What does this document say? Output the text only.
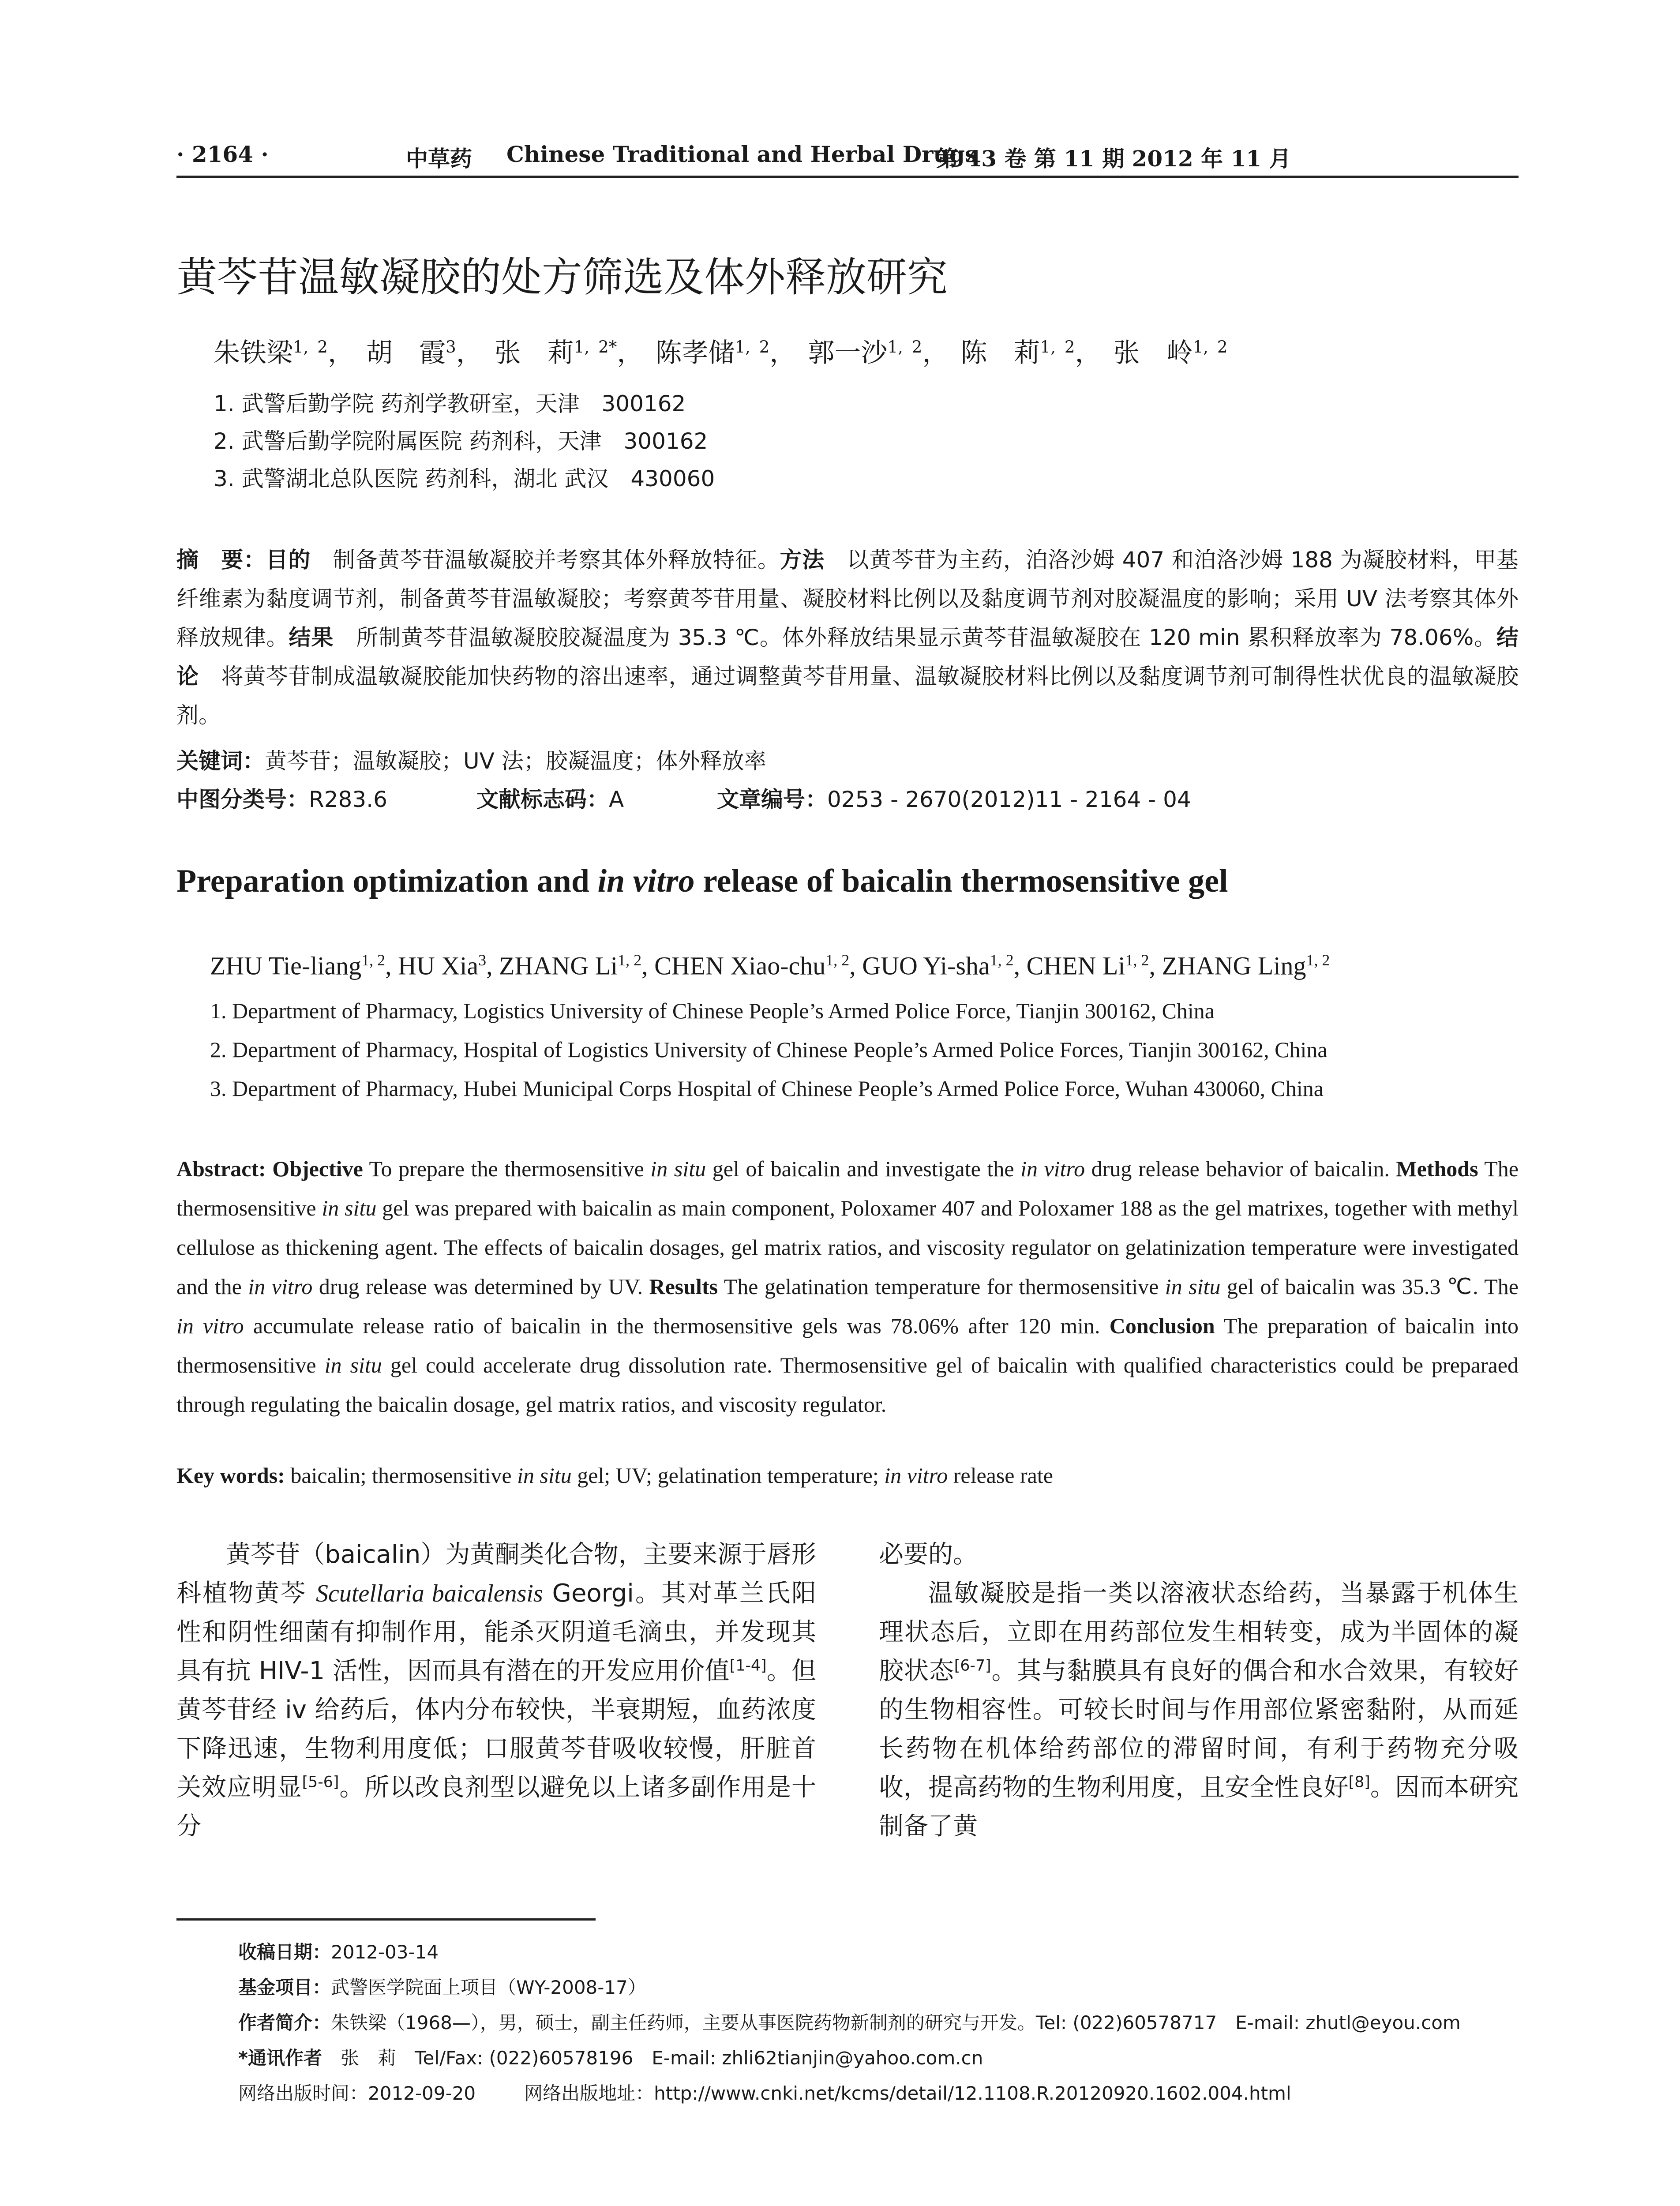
· 2164 ·	中草药 Chinese Traditional and Herbal Drugs
第 43 卷 第 11 期 2012 年 11 月
黄芩苷温敏凝胶的处方筛选及体外释放研究
朱铁梁$^{1, 2}$， 胡　霞$^3$， 张　莉$^{1, 2*}$， 陈孝储$^{1, 2}$， 郭一沙$^{1, 2}$， 陈　莉$^{1, 2}$， 张　岭$^{1, 2}$
1. 武警后勤学院 药剂学教研室，天津　300162
2. 武警后勤学院附属医院 药剂科，天津　300162
3. 武警湖北总队医院 药剂科，湖北 武汉　430060
摘　要：目的　制备黄芩苷温敏凝胶并考察其体外释放特征。方法　以黄芩苷为主药，泊洛沙姆 407 和泊洛沙姆 188 为凝胶材料，甲基纤维素为黏度调节剂，制备黄芩苷温敏凝胶；考察黄芩苷用量、凝胶材料比例以及黏度调节剂对胶凝温度的影响；采用 UV 法考察其体外释放规律。结果　所制黄芩苷温敏凝胶胶凝温度为 35.3 ℃。体外释放结果显示黄芩苷温敏凝胶在 120 min 累积释放率为 78.06%。结论　将黄芩苷制成温敏凝胶能加快药物的溶出速率，通过调整黄芩苷用量、温敏凝胶材料比例以及黏度调节剂可制得性状优良的温敏凝胶剂。
关键词：黄芩苷；温敏凝胶；UV 法；胶凝温度；体外释放率
中图分类号：R283.6	文献标志码：A	文章编号：0253 - 2670(2012)11 - 2164 - 04
Preparation optimization and in vitro release of baicalin thermosensitive gel
ZHU Tie-liang$^{1, 2}$, HU Xia$^3$, ZHANG Li$^{1, 2}$, CHEN Xiao-chu$^{1, 2}$, GUO Yi-sha$^{1, 2}$, CHEN Li$^{1, 2}$, ZHANG Ling$^{1, 2}$
1. Department of Pharmacy, Logistics University of Chinese People’s Armed Police Force, Tianjin 300162, China
2. Department of Pharmacy, Hospital of Logistics University of Chinese People’s Armed Police Forces, Tianjin 300162, China
3. Department of Pharmacy, Hubei Municipal Corps Hospital of Chinese People’s Armed Police Force, Wuhan 430060, China
Abstract: Objective To prepare the thermosensitive in situ gel of baicalin and investigate the in vitro drug release behavior of baicalin. Methods The thermosensitive in situ gel was prepared with baicalin as main component, Poloxamer 407 and Poloxamer 188 as the gel matrixes, together with methyl cellulose as thickening agent. The effects of baicalin dosages, gel matrix ratios, and viscosity regulator on gelatinization temperature were investigated and the in vitro drug release was determined by UV. Results The gelatination temperature for thermosensitive in situ gel of baicalin was 35.3 ℃. The in vitro accumulate release ratio of baicalin in the thermosensitive gels was 78.06% after 120 min. Conclusion The preparation of baicalin into thermosensitive in situ gel could accelerate drug dissolution rate. Thermosensitive gel of baicalin with qualified characteristics could be preparaed through regulating the baicalin dosage, gel matrix ratios, and viscosity regulator.
Key words: baicalin; thermosensitive in situ gel; UV; gelatination temperature; in vitro release rate

黄芩苷（baicalin）为黄酮类化合物，主要来源于唇形科植物黄芩 Scutellaria baicalensis Georgi。其对革兰氏阳性和阴性细菌有抑制作用，能杀灭阴道毛滴虫，并发现其具有抗 HIV-1 活性，因而具有潜在的开发应用价值[1-4]。但黄芩苷经 iv 给药后，体内分布较快，半衰期短，血药浓度下降迅速，生物利用度低；口服黄芩苷吸收较慢，肝脏首关效应明显[5-6]。所以改良剂型以避免以上诸多副作用是十分

必要的。

温敏凝胶是指一类以溶液状态给药，当暴露于机体生理状态后，立即在用药部位发生相转变，成为半固体的凝胶状态[6-7]。其与黏膜具有良好的偶合和水合效果，有较好的生物相容性。可较长时间与作用部位紧密黏附，从而延长药物在机体给药部位的滞留时间，有利于药物充分吸收，提高药物的生物利用度，且安全性良好[8]。因而本研究制备了黄

收稿日期：2012-03-14
基金项目：武警医学院面上项目（WY-2008-17）
作者简介：朱铁梁（1968—），男，硕士，副主任药师，主要从事医院药物新制剂的研究与开发。Tel: (022)60578717　E-mail: zhutl@eyou.com
*通讯作者　张　莉　Tel/Fax: (022)60578196　E-mail: zhli62tianjin@yahoo.com.cn
网络出版时间：2012-09-20	网络出版地址：http://www.cnki.net/kcms/detail/12.1108.R.20120920.1602.004.html
